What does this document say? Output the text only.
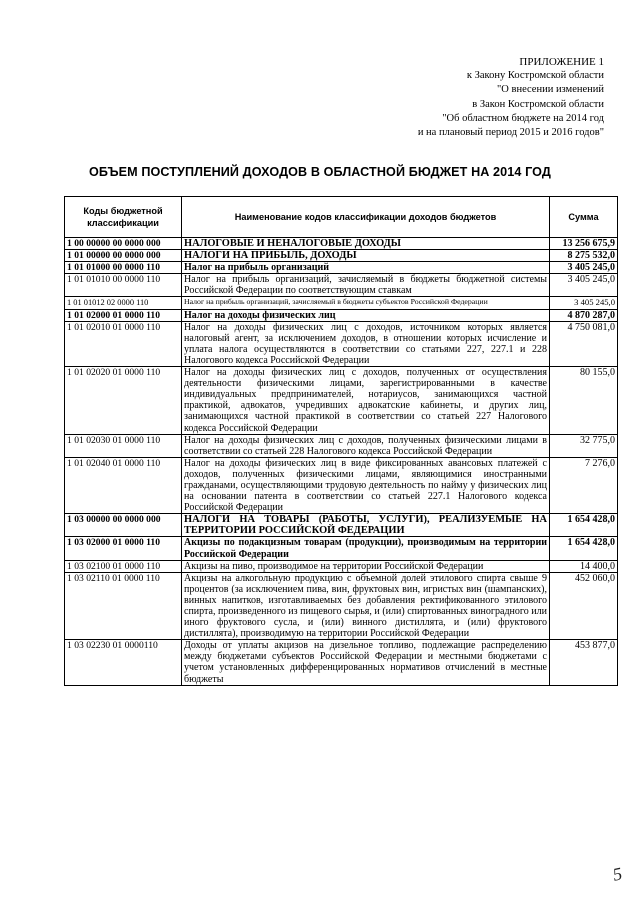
ПРИЛОЖЕНИЕ 1
к Закону Костромской области
"О внесении изменений
в Закон Костромской области
"Об областном бюджете на 2014 год
и на плановый период 2015 и 2016 годов"
ОБЪЕМ ПОСТУПЛЕНИЙ ДОХОДОВ В ОБЛАСТНОЙ БЮДЖЕТ НА 2014 ГОД
Коды бюджетной классификации	Наименование кодов классификации доходов бюджетов	Сумма
1 00 00000 00 0000 000	НАЛОГОВЫЕ И НЕНАЛОГОВЫЕ ДОХОДЫ	13 256 675,9
1 01 00000 00 0000 000	НАЛОГИ НА ПРИБЫЛЬ, ДОХОДЫ	8 275 532,0
1 01 01000 00 0000 110	Налог на прибыль организаций	3 405 245,0
1 01 01010 00 0000 110	Налог на прибыль организаций, зачисляемый в бюджеты бюджетной системы Российской Федерации по соответствующим ставкам	3 405 245,0
1 01 01012 02 0000 110	Налог на прибыль организаций, зачисляемый в бюджеты субъектов Российской Федерации	3 405 245,0
1 01 02000 01 0000 110	Налог на доходы физических лиц	4 870 287,0
1 01 02010 01 0000 110	Налог на доходы физических лиц с доходов, источником которых является налоговый агент, за исключением доходов, в отношении которых исчисление и уплата налога осуществляются в соответствии со статьями 227, 227.1 и 228 Налогового кодекса Российской Федерации	4 750 081,0
1 01 02020 01 0000 110	Налог на доходы физических лиц с доходов, полученных от осуществления деятельности физическими лицами, зарегистрированными в качестве индивидуальных предпринимателей, нотариусов, занимающихся частной практикой, адвокатов, учредивших адвокатские кабинеты, и других лиц, занимающихся частной практикой в соответствии со статьей 227 Налогового кодекса Российской Федерации	80 155,0
1 01 02030 01 0000 110	Налог на доходы физических лиц с доходов, полученных физическими лицами в соответствии со статьей 228 Налогового кодекса Российской Федерации	32 775,0
1 01 02040 01 0000 110	Налог на доходы физических лиц в виде фиксированных авансовых платежей с доходов, полученных физическими лицами, являющимися иностранными гражданами, осуществляющими трудовую деятельность по найму у физических лиц на основании патента в соответствии со статьей 227.1 Налогового кодекса Российской Федерации	7 276,0
1 03 00000 00 0000 000	НАЛОГИ НА ТОВАРЫ (РАБОТЫ, УСЛУГИ), РЕАЛИЗУЕМЫЕ НА ТЕРРИТОРИИ РОССИЙСКОЙ ФЕДЕРАЦИИ	1 654 428,0
1 03 02000 01 0000 110	Акцизы по подакцизным товарам (продукции), производимым на территории Российской Федерации	1 654 428,0
1 03 02100 01 0000 110	Акцизы на пиво, производимое на территории Российской Федерации	14 400,0
1 03 02110 01 0000 110	Акцизы на алкогольную продукцию с объемной долей этилового спирта свыше 9 процентов (за исключением пива, вин, фруктовых вин, игристых вин (шампанских), винных напитков, изготавливаемых без добавления ректификованного этилового спирта, произведенного из пищевого сырья, и (или) спиртованных виноградного или иного фруктового сусла, и (или) винного дистиллята, и (или) фруктового дистиллята), производимую на территории Российской Федерации	452 060,0
1 03 02230 01 0000110	Доходы от уплаты акцизов на дизельное топливо, подлежащие распределению между бюджетами субъектов Российской Федерации и местными бюджетами с учетом установленных дифференцированных нормативов отчислений в местные бюджеты	453 877,0
5
